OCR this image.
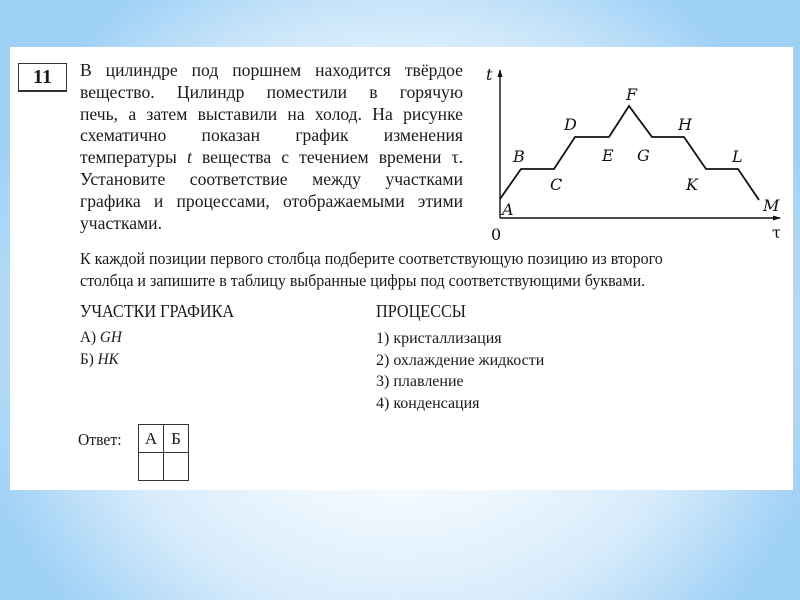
11	В цилиндре под поршнем находится твёрдое
вещество. Цилиндр поместили в горячую
печь, а затем выставили на холод. На рисунке
схематично показан график изменения
температуры t вещества с течением времени τ.
Установите соответствие между участками
графика и процессами, отображаемыми этими
участками.
t
τ
0
A
B
C
D
E
F
G
H
K
L
M
К каждой позиции первого столбца подберите соответствующую позицию из второго
столбца и запишите в таблицу выбранные цифры под соответствующими буквами.
УЧАСТКИ ГРАФИКА	ПРОЦЕССЫ
А) GH
Б) HK
1) кристаллизация
2) охлаждение жидкости
3) плавление
4) конденсация
Ответ: А	Б
